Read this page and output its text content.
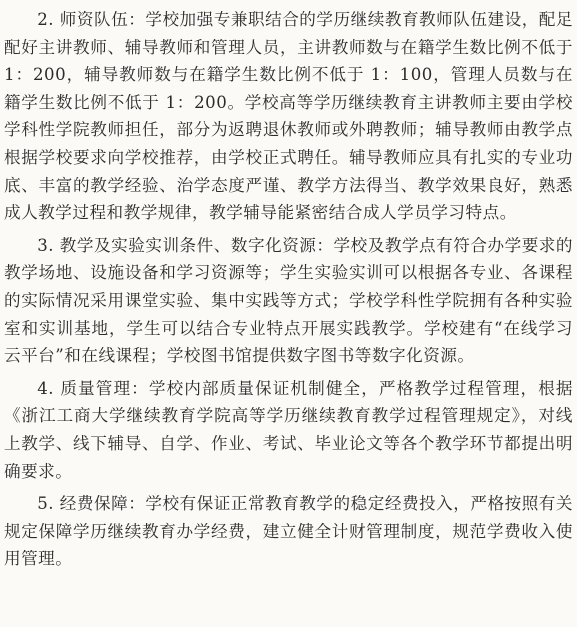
2. 师资队伍：学校加强专兼职结合的学历继续教育教师队伍建设，配足配好主讲教师、辅导教师和管理人员，主讲教师数与在籍学生数比例不低于 1：200，辅导教师数与在籍学生数比例不低于 1：100，管理人员数与在籍学生数比例不低于 1：200。学校高等学历继续教育主讲教师主要由学校学科性学院教师担任，部分为返聘退休教师或外聘教师；辅导教师由教学点根据学校要求向学校推荐，由学校正式聘任。辅导教师应具有扎实的专业功底、丰富的教学经验、治学态度严谨、教学方法得当、教学效果良好，熟悉成人教学过程和教学规律，教学辅导能紧密结合成人学员学习特点。

3. 教学及实验实训条件、数字化资源：学校及教学点有符合办学要求的教学场地、设施设备和学习资源等；学生实验实训可以根据各专业、各课程的实际情况采用课堂实验、集中实践等方式；学校学科性学院拥有各种实验室和实训基地，学生可以结合专业特点开展实践教学。学校建有“在线学习云平台”和在线课程；学校图书馆提供数字图书等数字化资源。

4. 质量管理：学校内部质量保证机制健全，严格教学过程管理，根据《浙江工商大学继续教育学院高等学历继续教育教学过程管理规定》，对线上教学、线下辅导、自学、作业、考试、毕业论文等各个教学环节都提出明确要求。

5. 经费保障：学校有保证正常教育教学的稳定经费投入，严格按照有关规定保障学历继续教育办学经费，建立健全计财管理制度，规范学费收入使用管理。
